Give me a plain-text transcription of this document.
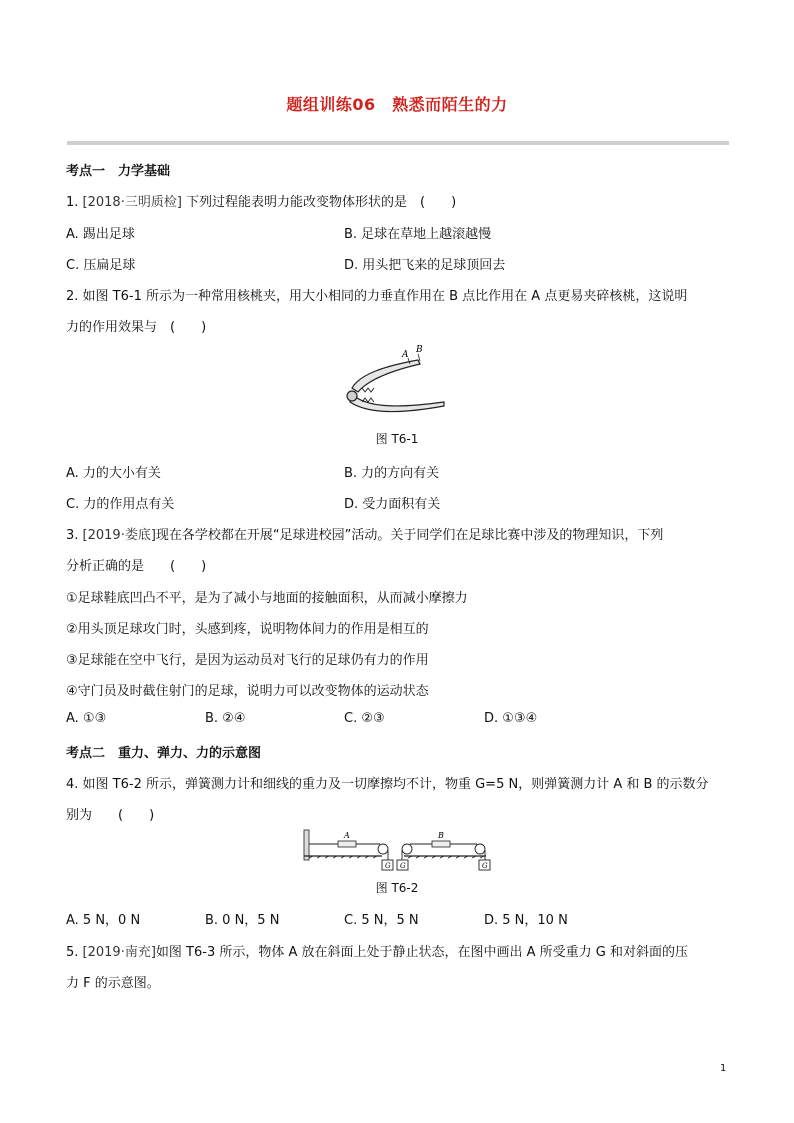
题组训练06　熟悉而陌生的力
考点一　力学基础
1. [2018·三明质检] 下列过程能表明力能改变物体形状的是　(　　)
A. 踢出足球	B. 足球在草地上越滚越慢
C. 压扁足球	D. 用头把飞来的足球顶回去
2. 如图 T6-1 所示为一种常用核桃夹，用大小相同的力垂直作用在 B 点比作用在 A 点更易夹碎核桃，这说明
力的作用效果与　(　　)
A B
图 T6-1
A. 力的大小有关	B. 力的方向有关
C. 力的作用点有关	D. 受力面积有关
3. [2019·娄底]现在各学校都在开展“足球进校园”活动。关于同学们在足球比赛中涉及的物理知识，下列
分析正确的是　　(　　)
①足球鞋底凹凸不平，是为了减小与地面的接触面积，从而减小摩擦力
②用头顶足球攻门时，头感到疼，说明物体间力的作用是相互的
③足球能在空中飞行，是因为运动员对飞行的足球仍有力的作用
④守门员及时截住射门的足球，说明力可以改变物体的运动状态
A. ①③	B. ②④	C. ②③	D. ①③④
考点二　重力、弹力、力的示意图
4. 如图 T6-2 所示，弹簧测力计和细线的重力及一切摩擦均不计，物重 G=5 N，则弹簧测力计 A 和 B 的示数分
别为　　(　　)
A
G
B
G	G
图 T6-2
A. 5 N，0 N	B. 0 N，5 N	C. 5 N，5 N	D. 5 N，10 N
5. [2019·南充]如图 T6-3 所示，物体 A 放在斜面上处于静止状态，在图中画出 A 所受重力 G 和对斜面的压
力 F 的示意图。
1
